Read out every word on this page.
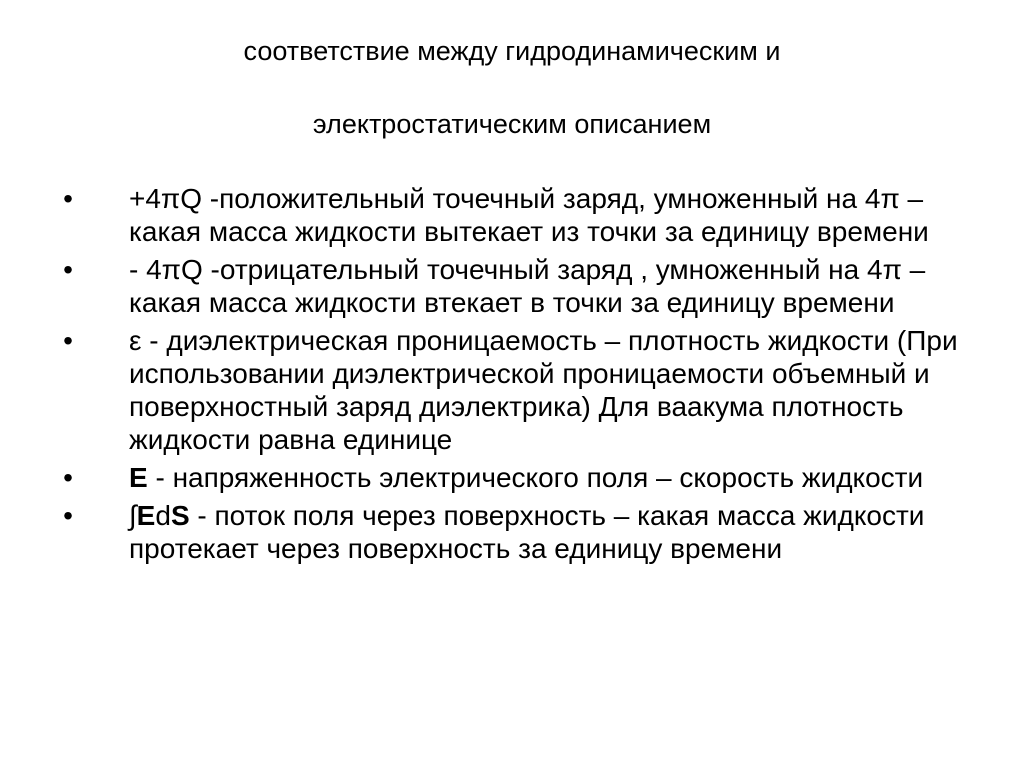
соответствие между гидродинамическим и
электростатическим описанием
• +4πQ -положительный точечный заряд, умноженный на 4π – какая масса жидкости вытекает из точки за единицу времени
• - 4πQ -отрицательный точечный заряд , умноженный на 4π – какая масса жидкости втекает в точки за единицу времени
• ε - диэлектрическая проницаемость – плотность жидкости (При использовании диэлектрической проницаемости объемный и поверхностный заряд диэлектрика) Для ваакума плотность жидкости равна единице
• E - напряженность электрического поля – скорость жидкости
• ∫EdS - поток поля через поверхность – какая масса жидкости протекает через поверхность за единицу времени
